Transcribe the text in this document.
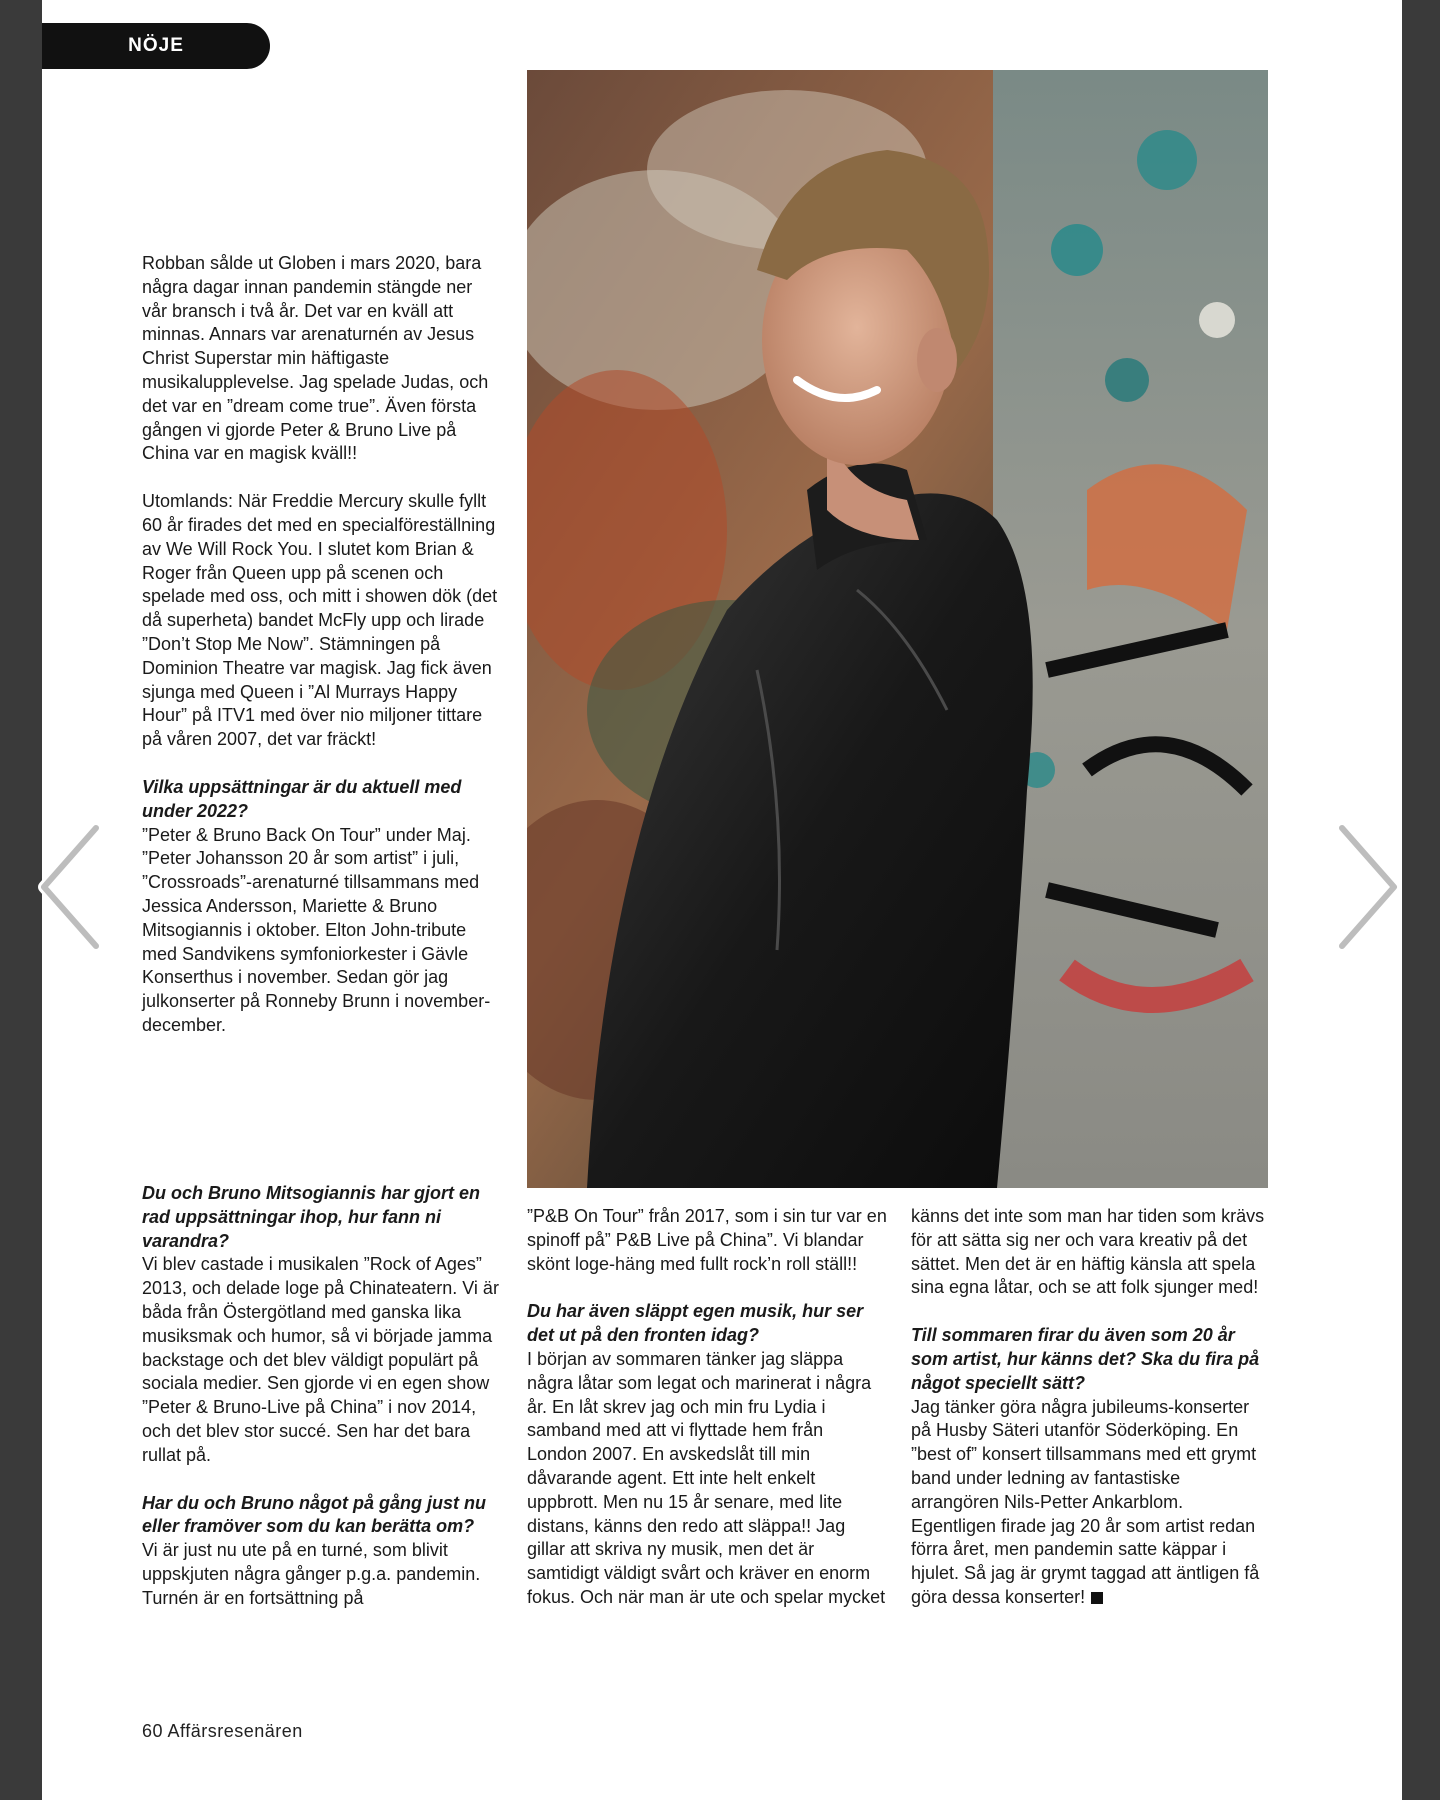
NÖJE

Robban sålde ut Globen i mars 2020, bara några dagar innan pandemin stängde ner vår bransch i två år. Det var en kväll att minnas. Annars var arenaturnén av Jesus Christ Superstar min häftigaste musikalupplevelse. Jag spelade Judas, och det var en ”dream come true”. Även första gången vi gjorde Peter & Bruno Live på China var en magisk kväll!!

Utomlands: När Freddie Mercury skulle fyllt 60 år firades det med en specialföreställning av We Will Rock You. I slutet kom Brian & Roger från Queen upp på scenen och spelade med oss, och mitt i showen dök (det då superheta) bandet McFly upp och lirade ”Don’t Stop Me Now”. Stämningen på Dominion Theatre var magisk. Jag fick även sjunga med Queen i ”Al Murrays Happy Hour” på ITV1 med över nio miljoner tittare på våren 2007, det var fräckt!

Vilka uppsättningar är du aktuell med under 2022?
”Peter & Bruno Back On Tour” under Maj. ”Peter Johansson 20 år som artist” i juli, ”Crossroads”-arenaturné tillsammans med Jessica Andersson, Mariette & Bruno Mitsogiannis i oktober. Elton John-tribute med Sandvikens symfoniorkester i Gävle Konserthus i november. Sedan gör jag julkonserter på Ronneby Brunn i november-december.

Du och Bruno Mitsogiannis har gjort en rad uppsättningar ihop, hur fann ni varandra?
Vi blev castade i musikalen ”Rock of Ages” 2013, och delade loge på Chinateatern. Vi är båda från Östergötland med ganska lika musiksmak och humor, så vi började jamma backstage och det blev väldigt populärt på sociala medier. Sen gjorde vi en egen show ”Peter & Bruno-Live på China” i nov 2014, och det blev stor succé. Sen har det bara rullat på.

Har du och Bruno något på gång just nu eller framöver som du kan berätta om?
Vi är just nu ute på en turné, som blivit uppskjuten några gånger p.g.a. pandemin. Turnén är en fortsättning på

”P&B On Tour” från 2017, som i sin tur var en spinoff på” P&B Live på China”. Vi blandar skönt loge-häng med fullt rock’n roll ställ!!

Du har även släppt egen musik, hur ser det ut på den fronten idag?
I början av sommaren tänker jag släppa några låtar som legat och marinerat i några år. En låt skrev jag och min fru Lydia i samband med att vi flyttade hem från London 2007. En avskedslåt till min dåvarande agent. Ett inte helt enkelt uppbrott. Men nu 15 år senare, med lite distans, känns den redo att släppa!! Jag gillar att skriva ny musik, men det är samtidigt väldigt svårt och kräver en enorm fokus. Och när man är ute och spelar mycket

känns det inte som man har tiden som krävs för att sätta sig ner och vara kreativ på det sättet. Men det är en häftig känsla att spela sina egna låtar, och se att folk sjunger med!

Till sommaren firar du även som 20 år som artist, hur känns det? Ska du fira på något speciellt sätt?
Jag tänker göra några jubileums-konserter på Husby Säteri utanför Söderköping. En ”best of” konsert tillsammans med ett grymt band under ledning av fantastiske arrangören Nils-Petter Ankarblom. Egentligen firade jag 20 år som artist redan förra året, men pandemin satte käppar i hjulet. Så jag är grymt taggad att äntligen få göra dessa konserter!

60 Affärsresenären
